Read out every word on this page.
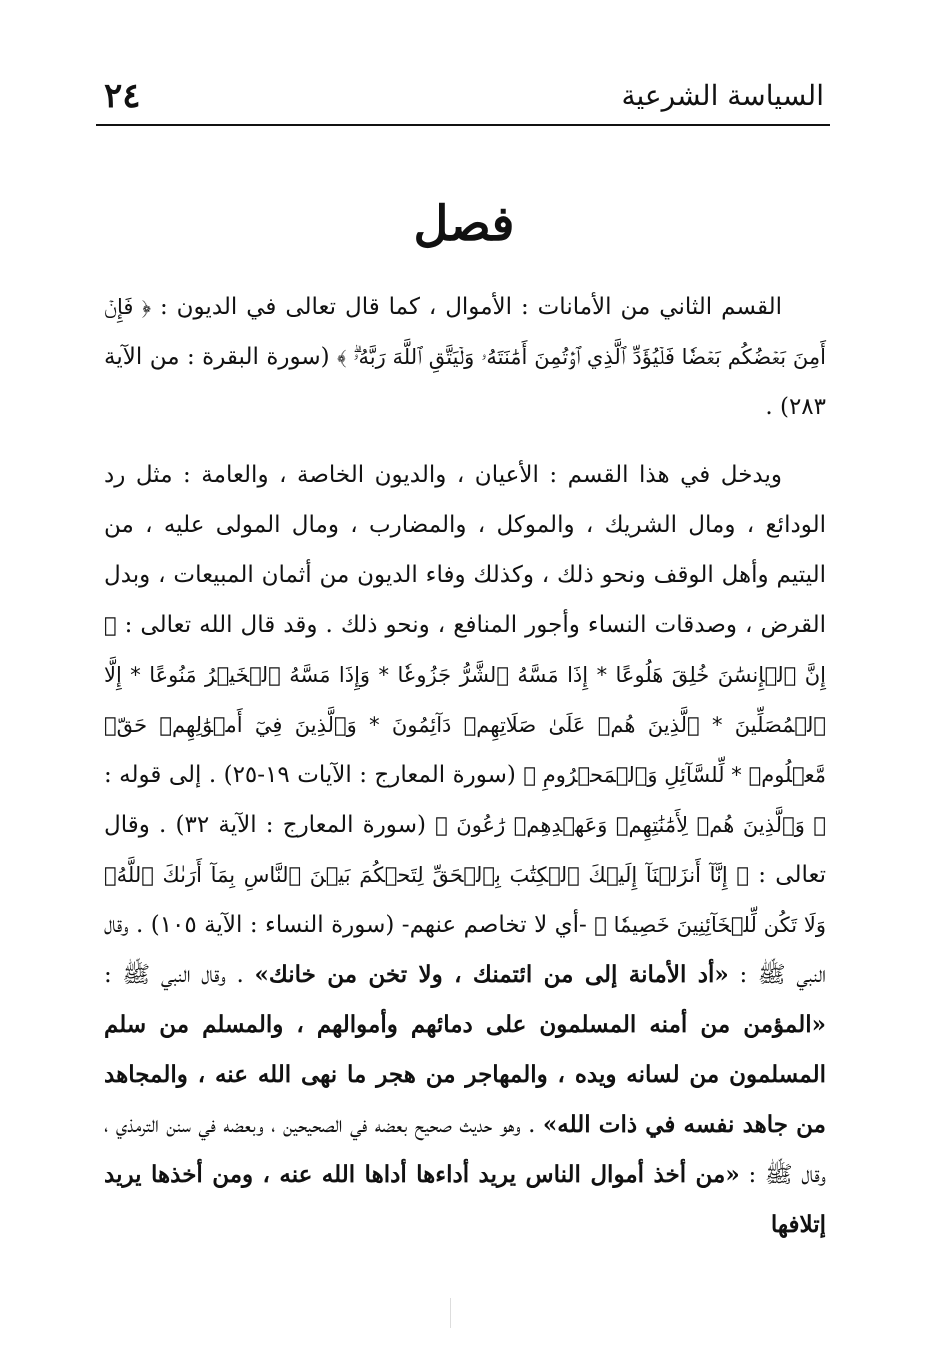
٢٤	السياسة الشرعية
فصل

القسم الثاني من الأمانات : الأموال ، كما قال تعالى في الديون : ﴿ فَإِنۡ أَمِنَ بَعۡضُكُم بَعۡضٗا فَلۡيُؤَدِّ ٱلَّذِي ٱؤۡتُمِنَ أَمَٰنَتَهُۥ وَلۡيَتَّقِ ٱللَّهَ رَبَّهُۥۗ ﴾ (سورة البقرة : من الآية ٢٨٣) .

ويدخل في هذا القسم : الأعيان ، والديون الخاصة ، والعامة : مثل رد الودائع ، ومال الشريك ، والموكل ، والمضارب ، ومال المولى عليه ، من اليتيم وأهل الوقف ونحو ذلك ، وكذلك وفاء الديون من أثمان المبيعات ، وبدل القرض ، وصدقات النساء وأجور المنافع ، ونحو ذلك . وقد قال الله تعالى : ﴿ إِنَّ ٱلۡإِنسَٰنَ خُلِقَ هَلُوعًا * إِذَا مَسَّهُ ٱلشَّرُّ جَزُوعٗا * وَإِذَا مَسَّهُ ٱلۡخَيۡرُ مَنُوعًا * إِلَّا ٱلۡمُصَلِّينَ * ٱلَّذِينَ هُمۡ عَلَىٰ صَلَاتِهِمۡ دَآئِمُونَ * وَٱلَّذِينَ فِيٓ أَمۡوَٰلِهِمۡ حَقّٞ مَّعۡلُومٞ * لِّلسَّآئِلِ وَٱلۡمَحۡرُومِ ﴾ (سورة المعارج : الآيات ١٩-٢٥) . إلى قوله : ﴿ وَٱلَّذِينَ هُمۡ لِأَمَٰنَٰتِهِمۡ وَعَهۡدِهِمۡ رَٰعُونَ ﴾ (سورة المعارج : الآية ٣٢) . وقال تعالى : ﴿ إِنَّآ أَنزَلۡنَآ إِلَيۡكَ ٱلۡكِتَٰبَ بِٱلۡحَقِّ لِتَحۡكُمَ بَيۡنَ ٱلنَّاسِ بِمَآ أَرَىٰكَ ٱللَّهُۚ وَلَا تَكُن لِّلۡخَآئِنِينَ خَصِيمٗا ﴾ -أي لا تخاصم عنهم- (سورة النساء : الآية ١٠٥) . وقال النبي ﷺ : «أد الأمانة إلى من ائتمنك ، ولا تخن من خانك» . وقال النبي ﷺ : «المؤمن من أمنه المسلمون على دمائهم وأموالهم ، والمسلم من سلم المسلمون من لسانه ويده ، والمهاجر من هجر ما نهى الله عنه ، والمجاهد من جاهد نفسه في ذات الله» . وهو حديث صحيح بعضه في الصحيحين ، وبعضه في سنن الترمذي ، وقال ﷺ : «من أخذ أموال الناس يريد أداءها أداها الله عنه ، ومن أخذها يريد إتلافها
